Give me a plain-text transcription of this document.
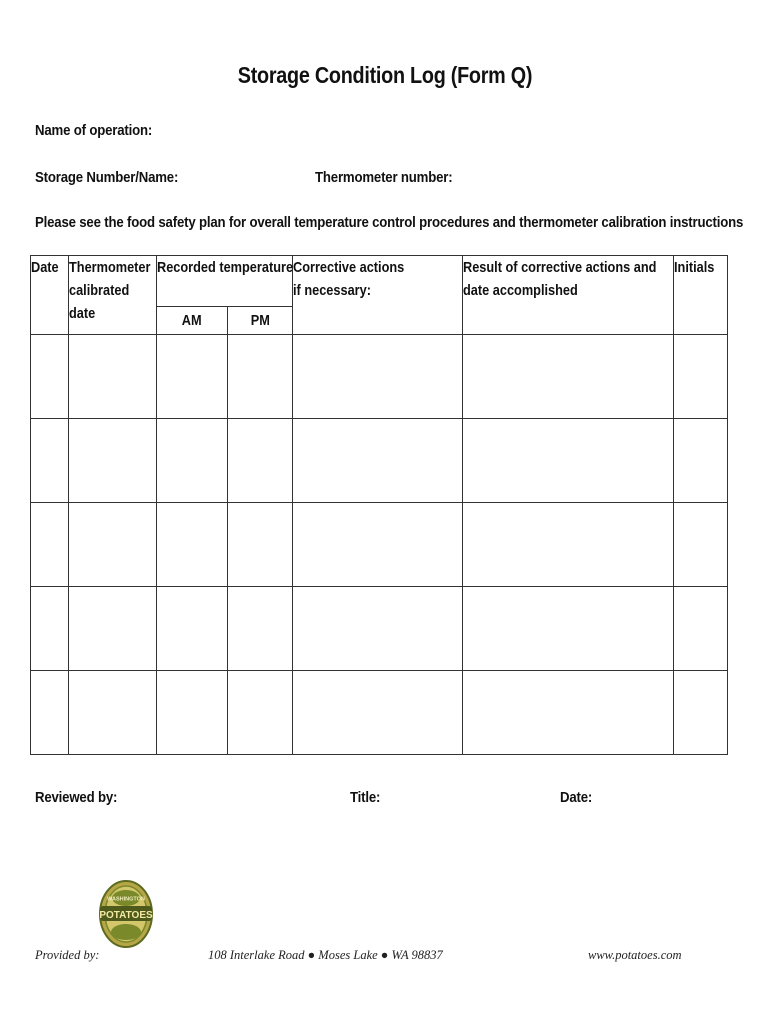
Storage Condition Log (Form Q)
Name of operation:
Storage Number/Name:	Thermometer number:
Please see the food safety plan for overall temperature control procedures and thermometer calibration instructions
Date	Thermometer calibrated date	Recorded temperature		Corrective actions if necessary:	Result of corrective actions and date accomplished	Initials
		AM	PM			

Reviewed by:	Title:	Date:
WASHINGTON
POTATOES
Provided by:	108 Interlake Road ● Moses Lake ● WA 98837	www.potatoes.com
